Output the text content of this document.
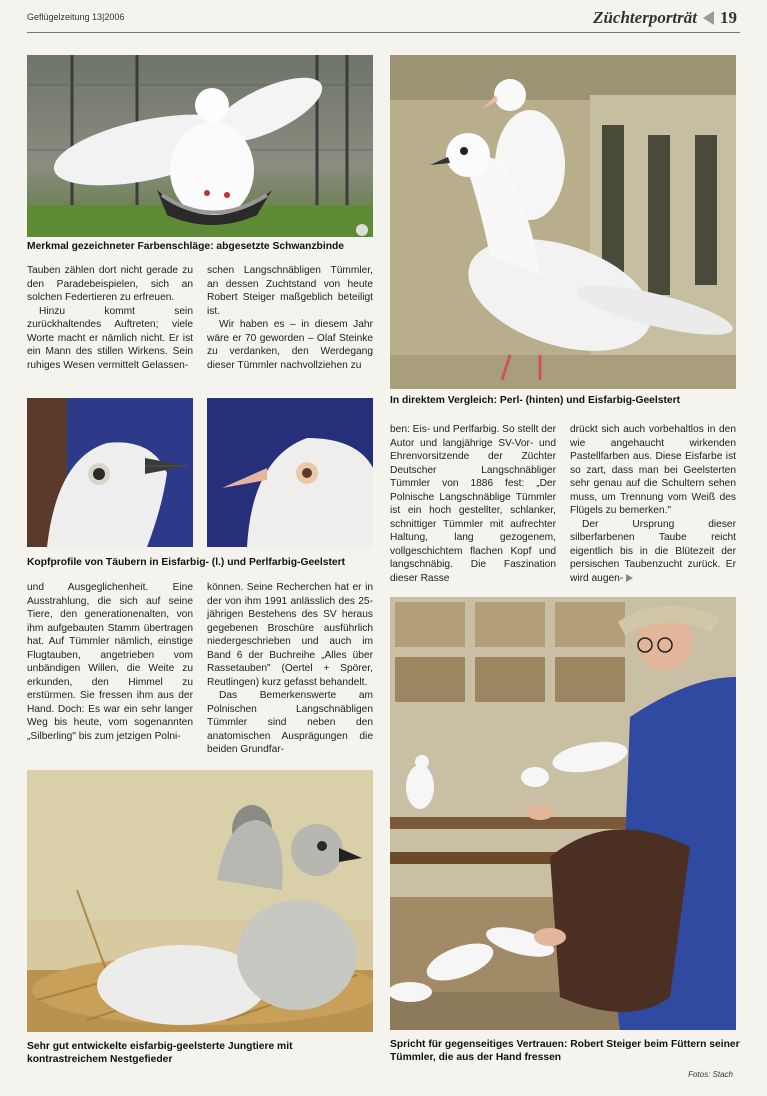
Geflügelzeitung 13|2006	Züchterporträt 19
Merkmal gezeichneter Farbenschläge: abgesetzte Schwanzbinde
In direktem Vergleich: Perl- (hinten) und Eisfarbig-Geelstert

Tauben zählen dort nicht gerade zu den Paradebeispielen, sich an solchen Federtieren zu erfreuen.

Hinzu kommt sein zurückhaltendes Auftreten; viele Worte macht er nämlich nicht. Er ist ein Mann des stillen Wirkens. Sein ruhiges Wesen vermittelt Gelassen-

schen Langschnäbligen Tümmler, an dessen Zuchtstand von heute Robert Steiger maßgeblich beteiligt ist.

Wir haben es – in diesem Jahr wäre er 70 geworden – Olaf Steinke zu verdanken, den Werdegang dieser Tümmler nachvollziehen zu

Kopfprofile von Täubern in Eisfarbig- (l.) und Perlfarbig-Geelstert

und Ausgeglichenheit. Eine Ausstrahlung, die sich auf seine Tiere, den generationenalten, von ihm aufgebauten Stamm übertragen hat. Auf Tümmler nämlich, einstige Flugtauben, angetrieben vom unbändigen Willen, die Weite zu erkunden, den Himmel zu erstürmen. Sie fressen ihm aus der Hand. Doch: Es war ein sehr langer Weg bis heute, vom sogenannten „Silberling" bis zum jetzigen Polni-

können. Seine Recherchen hat er in der von ihm 1991 anlässlich des 25-jährigen Bestehens des SV heraus gegebenen Broschüre ausführlich niedergeschrieben und auch im Band 6 der Buchreihe „Alles über Rassetauben" (Oertel + Spörer, Reutlingen) kurz gefasst behandelt.

Das Bemerkenswerte am Polnischen Langschnäbligen Tümmler sind neben den anatomischen Ausprägungen die beiden Grundfar-

ben: Eis- und Perlfarbig. So stellt der Autor und langjährige SV-Vor- und Ehrenvorsitzende der Züchter Deutscher Langschnäbliger Tümmler von 1886 fest: „Der Polnische Langschnäblige Tümmler ist ein hoch gestellter, schlanker, schnittiger Tümmler mit aufrechter Haltung, lang gezogenem, vollgeschichtem flachen Kopf und langschnäbig. Die Faszination dieser Rasse

drückt sich auch vorbehaltlos in den wie angehaucht wirkenden Pastellfarben aus. Diese Eisfarbe ist so zart, dass man bei Geelsterten sehr genau auf die Schultern sehen muss, um Trennung vom Weiß des Flügels zu bemerken."

Der Ursprung dieser silberfarbenen Taube reicht eigentlich bis in die Blütezeit der persischen Taubenzucht zurück. Er wird augen-

Sehr gut entwickelte eisfarbig-geelsterte Jungtiere mit kontrastreichem Nestgefieder
Spricht für gegenseitiges Vertrauen: Robert Steiger beim Füttern seiner Tümmler, die aus der Hand fressen
Fotos: Stach
